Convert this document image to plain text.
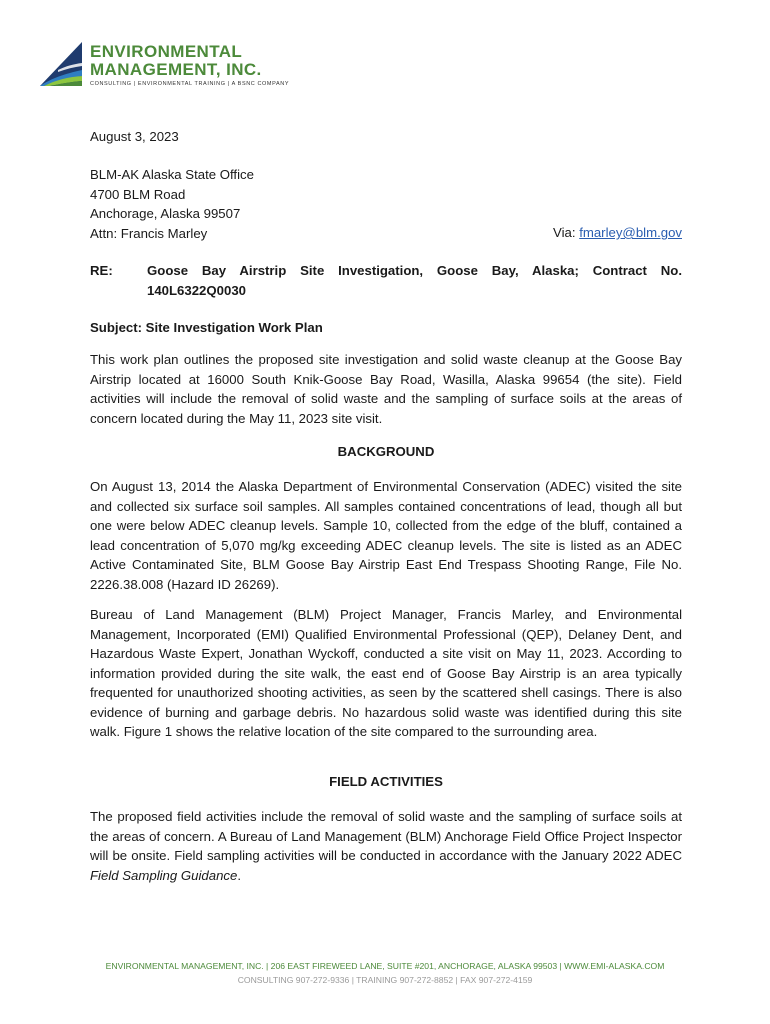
ENVIRONMENTAL
MANAGEMENT, INC.
CONSULTING | ENVIRONMENTAL TRAINING | A BSNC COMPANY
August 3, 2023
BLM-AK Alaska State Office
4700 BLM Road
Anchorage, Alaska 99507
Attn: Francis Marley	Via: fmarley@blm.gov
RE:	Goose Bay Airstrip Site Investigation, Goose Bay, Alaska; Contract No.
140L6322Q0030
Subject: Site Investigation Work Plan
This work plan outlines the proposed site investigation and solid waste cleanup at the Goose Bay Airstrip located at 16000 South Knik-Goose Bay Road, Wasilla, Alaska 99654 (the site). Field activities will include the removal of solid waste and the sampling of surface soils at the areas of concern located during the May 11, 2023 site visit.
BACKGROUND
On August 13, 2014 the Alaska Department of Environmental Conservation (ADEC) visited the site and collected six surface soil samples. All samples contained concentrations of lead, though all but one were below ADEC cleanup levels. Sample 10, collected from the edge of the bluff, contained a lead concentration of 5,070 mg/kg exceeding ADEC cleanup levels. The site is listed as an ADEC Active Contaminated Site, BLM Goose Bay Airstrip East End Trespass Shooting Range, File No. 2226.38.008 (Hazard ID 26269).
Bureau of Land Management (BLM) Project Manager, Francis Marley, and Environmental Management, Incorporated (EMI) Qualified Environmental Professional (QEP), Delaney Dent, and Hazardous Waste Expert, Jonathan Wyckoff, conducted a site visit on May 11, 2023. According to information provided during the site walk, the east end of Goose Bay Airstrip is an area typically frequented for unauthorized shooting activities, as seen by the scattered shell casings. There is also evidence of burning and garbage debris. No hazardous solid waste was identified during this site walk. Figure 1 shows the relative location of the site compared to the surrounding area.
FIELD ACTIVITIES
The proposed field activities include the removal of solid waste and the sampling of surface soils at the areas of concern. A Bureau of Land Management (BLM) Anchorage Field Office Project Inspector will be onsite. Field sampling activities will be conducted in accordance with the January 2022 ADEC Field Sampling Guidance.
ENVIRONMENTAL MANAGEMENT, INC. | 206 EAST FIREWEED LANE, SUITE #201, ANCHORAGE, ALASKA 99503 | WWW.EMI-ALASKA.COM
CONSULTING 907-272-9336 | TRAINING 907-272-8852 | FAX 907-272-4159
